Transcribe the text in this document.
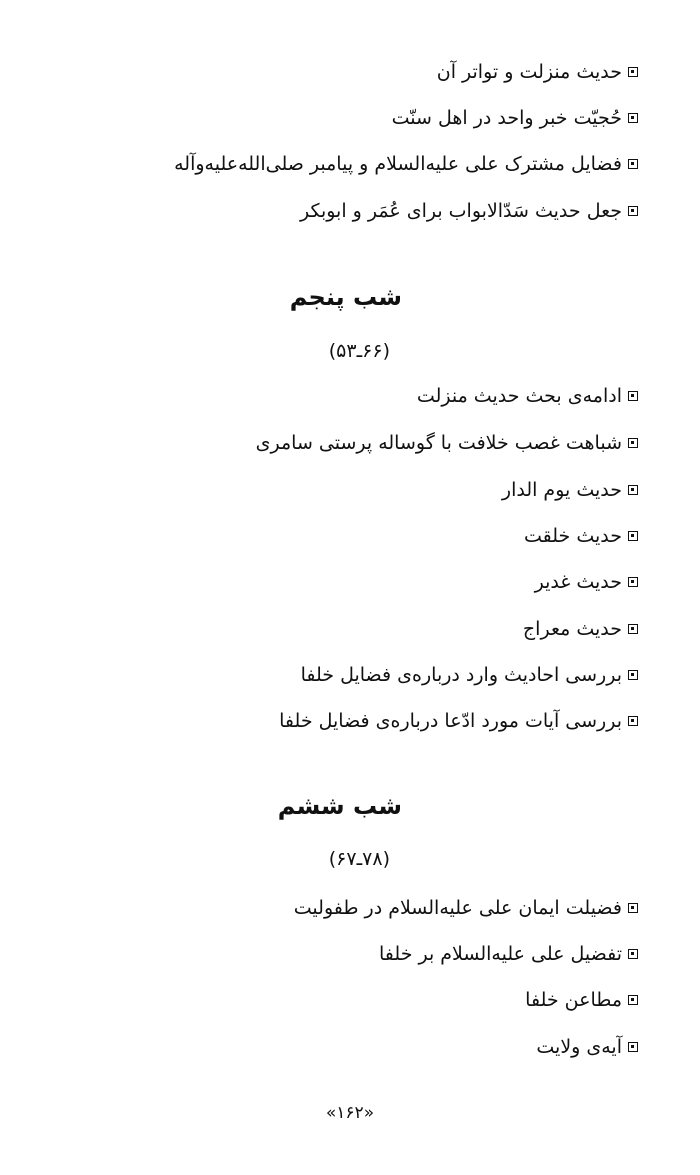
حدیث منزلت و تواتر آن
حُجیّت خبر واحد در اهل سنّت
فضایل مشترک علی علیه‌السلام و پیامبر صلی‌الله‌علیه‌وآله
جعل حدیث سَدّالابواب برای عُمَر و ابوبکر
شب پنجم
(۶۶ـ۵۳)
ادامه‌ی بحث حدیث منزلت
شباهت غصب خلافت با گوساله پرستی سامری
حدیث یوم الدار
حدیث خلقت
حدیث غدیر
حدیث معراج
بررسی احادیث وارد درباره‌ی فضایل خلفا
بررسی آیات مورد ادّعا درباره‌ی فضایل خلفا
شب ششم
(۷۸ـ۶۷)
فضیلت ایمان علی علیه‌السلام در طفولیت
تفضیل علی علیه‌السلام بر خلفا
مطاعن خلفا
آیه‌ی ولایت
«۱۶۲»
